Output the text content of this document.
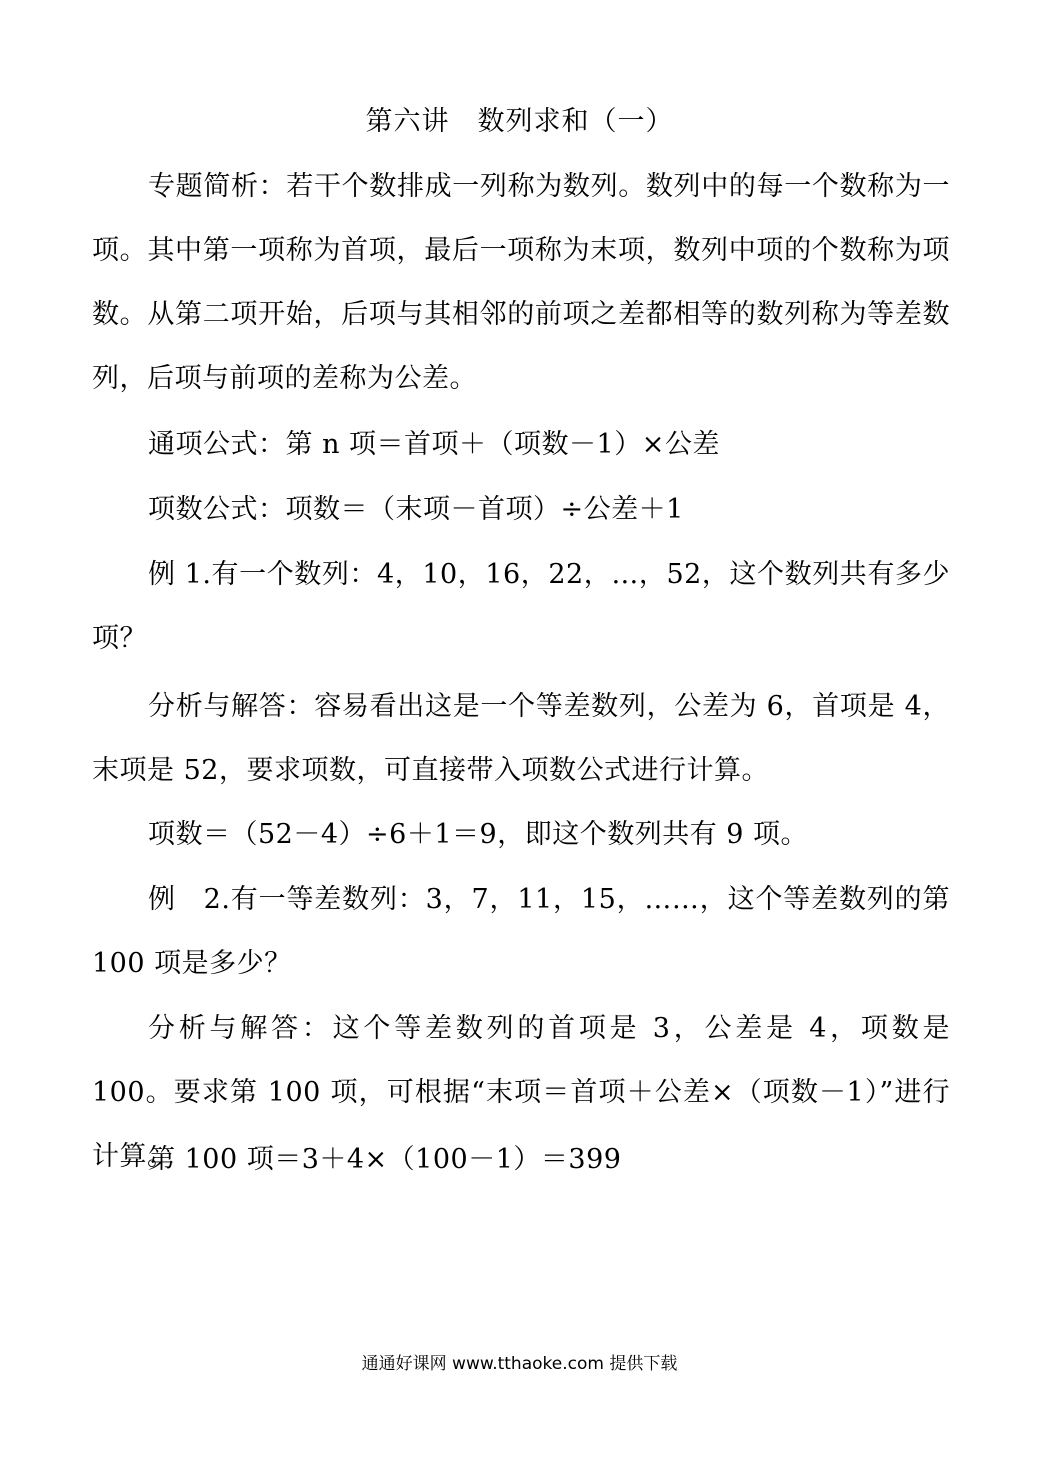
第六讲　数列求和（一）

专题简析：若干个数排成一列称为数列。数列中的每一个数称为一项。其中第一项称为首项，最后一项称为末项，数列中项的个数称为项数。从第二项开始，后项与其相邻的前项之差都相等的数列称为等差数列，后项与前项的差称为公差。

通项公式：第 n 项＝首项＋（项数－1）×公差

项数公式：项数＝（末项－首项）÷公差＋1

例 1.有一个数列：4，10，16，22，…，52，这个数列共有多少项？

分析与解答：容易看出这是一个等差数列，公差为 6，首项是 4，末项是 52，要求项数，可直接带入项数公式进行计算。

项数＝（52－4）÷6＋1＝9，即这个数列共有 9 项。

例　2.有一等差数列：3，7，11，15，……，这个等差数列的第 100 项是多少？

分析与解答：这个等差数列的首项是 3，公差是 4，项数是 100。要求第 100 项，可根据“末项＝首项＋公差×（项数－1）”进行计算。

第 100 项＝3＋4×（100－1）＝399

通通好课网 www.tthaoke.com 提供下载
